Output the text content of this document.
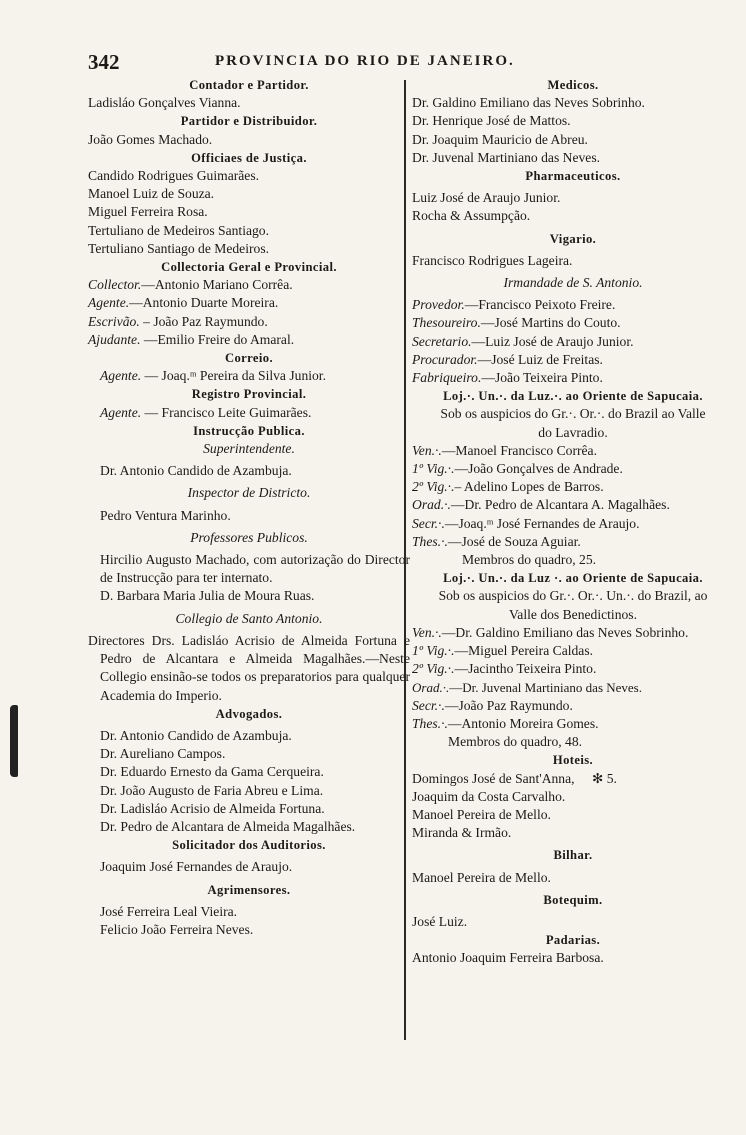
342	PROVINCIA DO RIO DE JANEIRO.
Contador e Partidor.
Ladisláo Gonçalves Vianna.
Partidor e Distribuidor.
João Gomes Machado.
Officiaes de Justiça.
Candido Rodrigues Guimarães.
Manoel Luiz de Souza.
Miguel Ferreira Rosa.
Tertuliano de Medeiros Santiago.
Tertuliano Santiago de Medeiros.
Collectoria Geral e Provincial.
Collector.—Antonio Mariano Corrêa.
Agente.—Antonio Duarte Moreira.
Escrivão. – João Paz Raymundo.
Ajudante. —Emilio Freire do Amaral.
Correio.
Agente. — Joaq.ᵐ Pereira da Silva Junior.
Registro Provincial.
Agente. — Francisco Leite Guimarães.
Instrucção Publica.
Superintendente.
Dr. Antonio Candido de Azambuja.
Inspector de Districto.
Pedro Ventura Marinho.
Professores Publicos.
Hircilio Augusto Machado, com autorização do Director de Instrucção para ter internato.
D. Barbara Maria Julia de Moura Ruas.
Collegio de Santo Antonio.
Directores Drs. Ladisláo Acrisio de Almeida Fortuna e Pedro de Alcantara e Almeida Magalhães.—Neste Collegio ensinão-se todos os preparatorios para qualquer Academia do Imperio.
Advogados.
Dr. Antonio Candido de Azambuja.
Dr. Aureliano Campos.
Dr. Eduardo Ernesto da Gama Cerqueira.
Dr. João Augusto de Faria Abreu e Lima.
Dr. Ladisláo Acrisio de Almeida Fortuna.
Dr. Pedro de Alcantara de Almeida Magalhães.
Solicitador dos Auditorios.
Joaquim José Fernandes de Araujo.
Agrimensores.
José Ferreira Leal Vieira.
Felicio João Ferreira Neves.
Medicos.
Dr. Galdino Emiliano das Neves Sobrinho.
Dr. Henrique José de Mattos.
Dr. Joaquim Mauricio de Abreu.
Dr. Juvenal Martiniano das Neves.
Pharmaceuticos.
Luiz José de Araujo Junior.
Rocha & Assumpção.
Vigario.
Francisco Rodrigues Lageira.
Irmandade de S. Antonio.
Provedor.—Francisco Peixoto Freire.
Thesoureiro.—José Martins do Couto.
Secretario.—Luiz José de Araujo Junior.
Procurador.—José Luiz de Freitas.
Fabriqueiro.—João Teixeira Pinto.
Loj.·. Un.·. da Luz.·. ao Oriente de Sapucaia.
Sob os auspicios do Gr.·. Or.·. do Brazil ao Valle do Lavradio.
Ven.·.—Manoel Francisco Corrêa.
1º Vig.·.—João Gonçalves de Andrade.
2º Vig.·.– Adelino Lopes de Barros.
Orad.·.—Dr. Pedro de Alcantara A. Magalhães.
Secr.·.—Joaq.ᵐ José Fernandes de Araujo.
Thes.·.—José de Souza Aguiar.
Membros do quadro, 25.
Loj.·. Un.·. da Luz ·. ao Oriente de Sapucaia.
Sob os auspicios do Gr.·. Or.·. Un.·. do Brazil, ao Valle dos Benedictinos.
Ven.·.—Dr. Galdino Emiliano das Neves Sobrinho.
1º Vig.·.—Miguel Pereira Caldas.
2º Vig.·.—Jacintho Teixeira Pinto.
Orad.·.—Dr. Juvenal Martiniano das Neves.
Secr.·.—João Paz Raymundo.
Thes.·.—Antonio Moreira Gomes.
Membros do quadro, 48.
Hoteis.
Domingos José de Sant'Anna, ✻ 5.
Joaquim da Costa Carvalho.
Manoel Pereira de Mello.
Miranda & Irmão.
Bilhar.
Manoel Pereira de Mello.
Botequim.
José Luiz.
Padarias.
Antonio Joaquim Ferreira Barbosa.
